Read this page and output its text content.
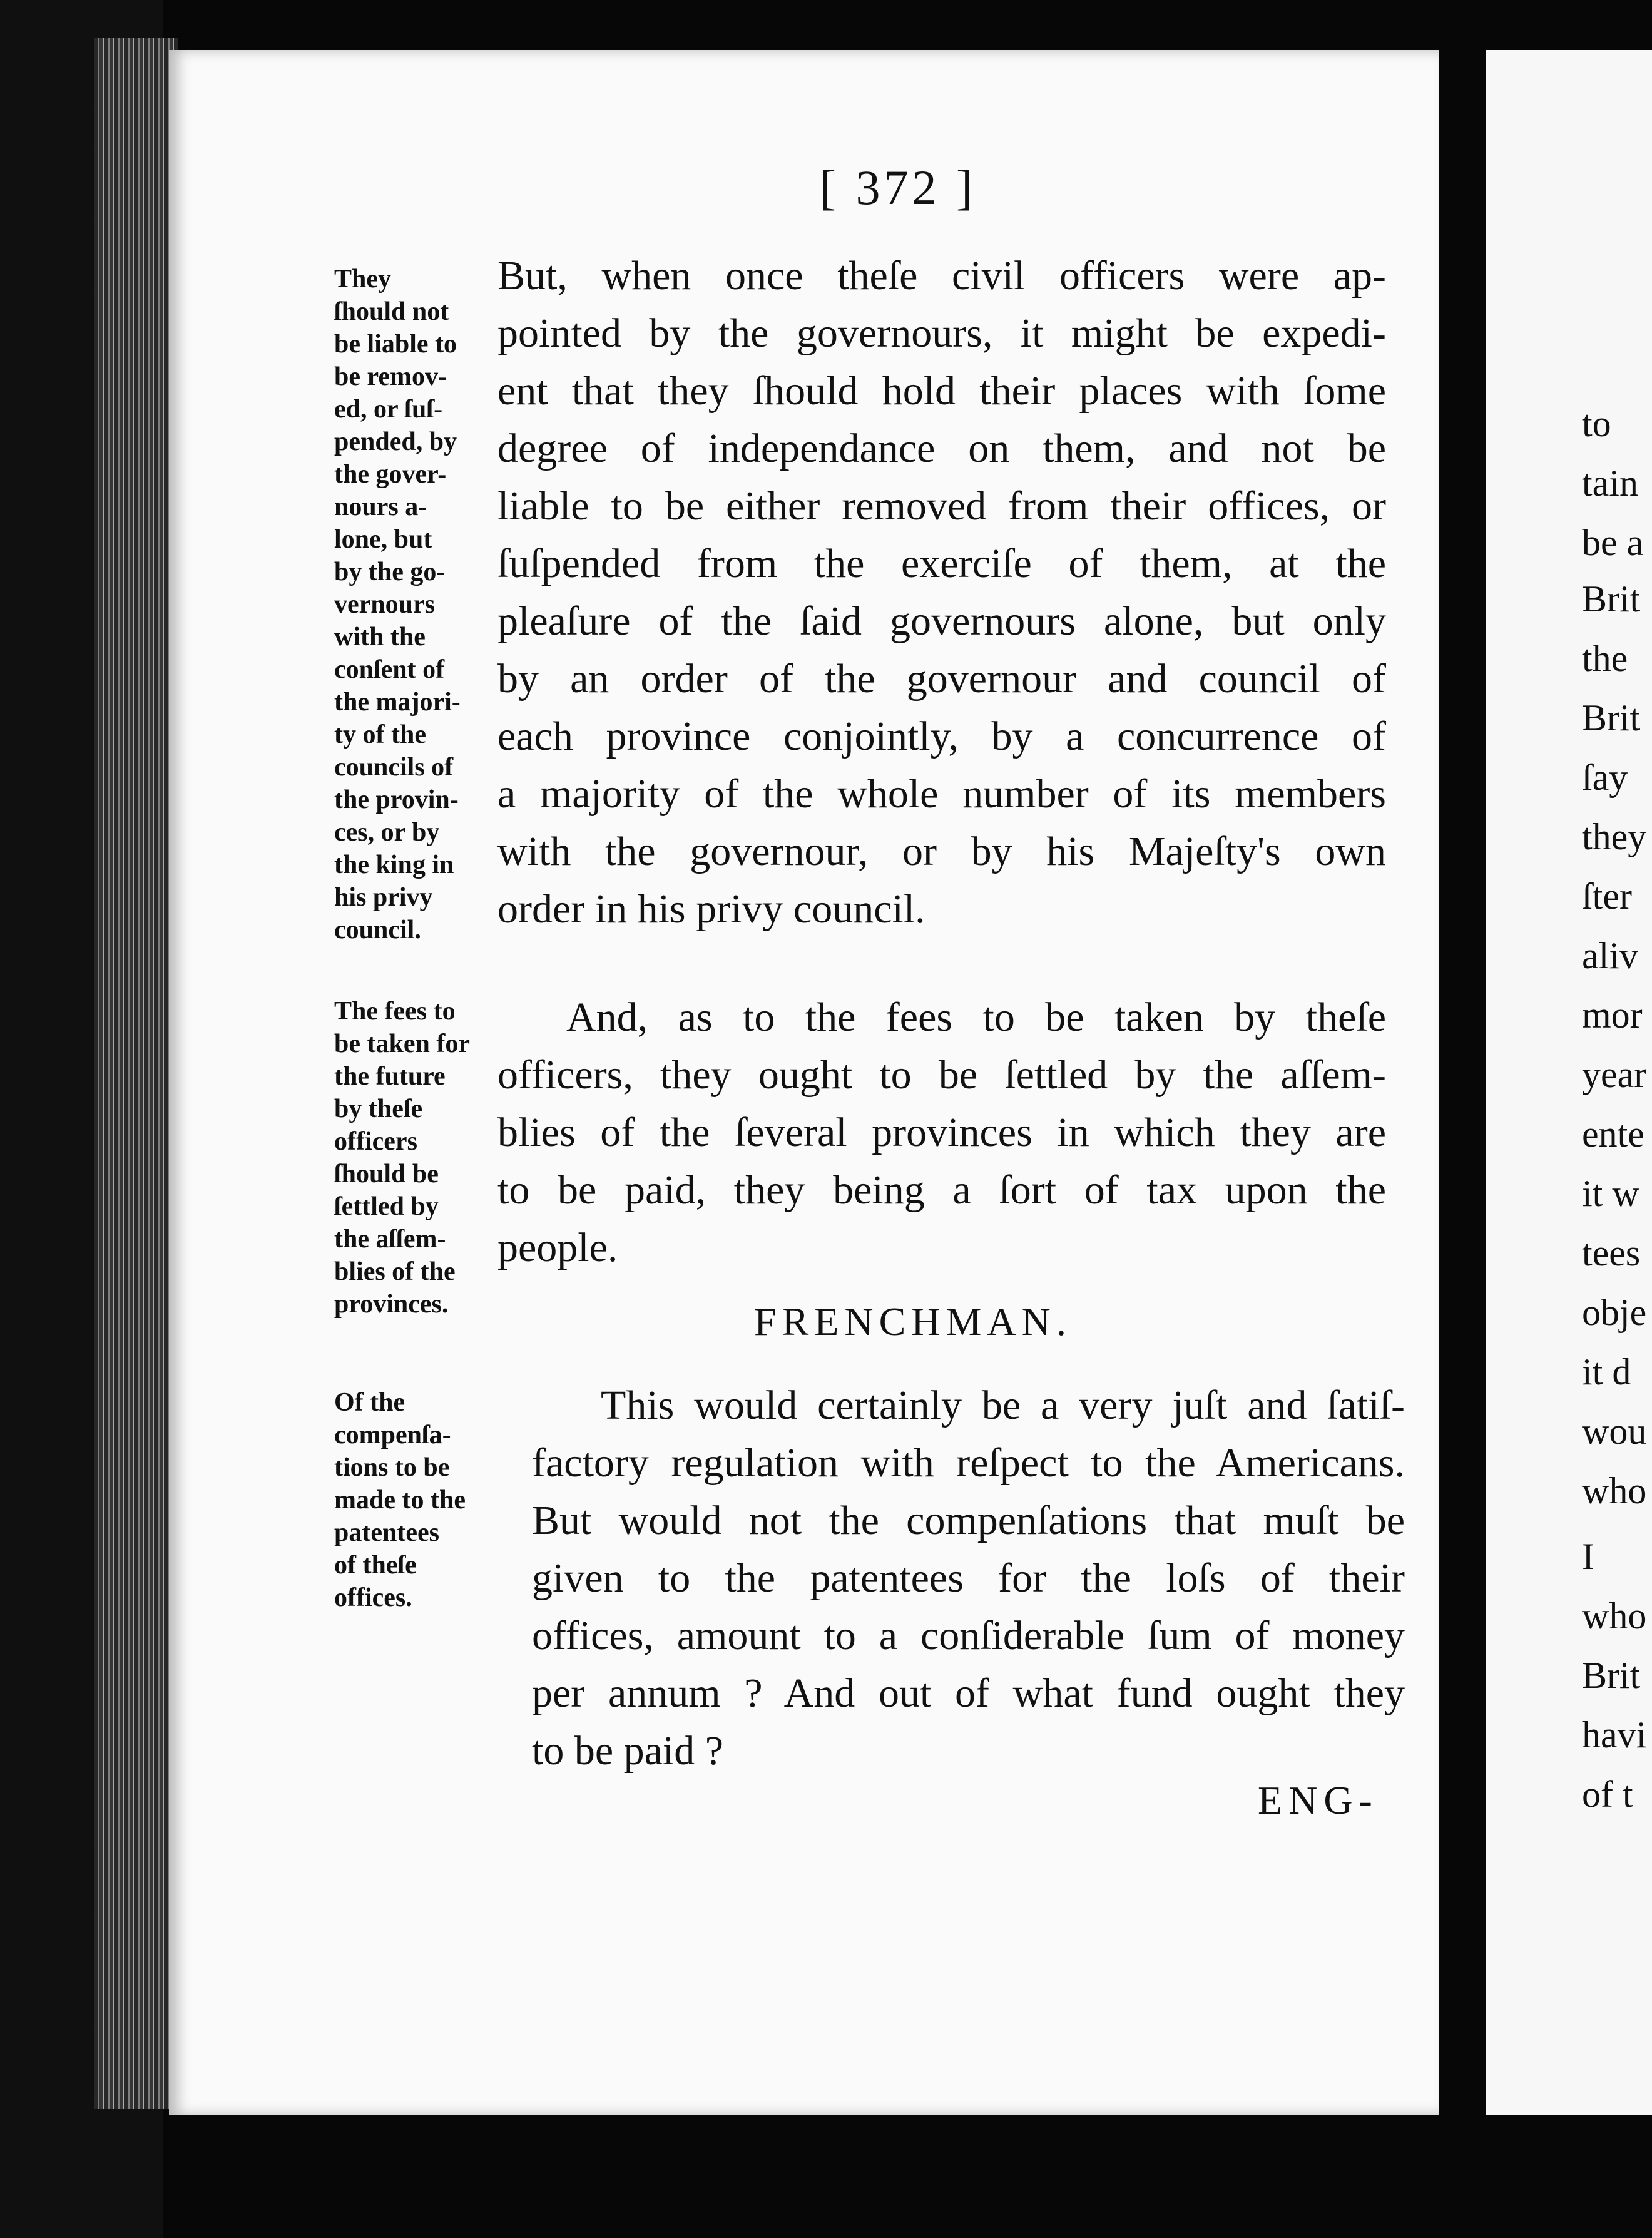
[ 372 ]
They
ſhould not
be liable to
be remov-
ed, or ſuſ-
pended, by
the gover-
nours a-
lone, but
by the go-
vernours
with the
conſent of
the majori-
ty of the
councils of
the provin-
ces, or by
the king in
his privy
council.
The fees to
be taken for
the future
by theſe
officers
ſhould be
ſettled by
the aſſem-
blies of the
provinces.
Of the
compenſa-
tions to be
made to the
patentees
of theſe
offices.
But, when once theſe civil officers were ap-
pointed by the governours, it might be expedi-
ent that they ſhould hold their places with ſome
degree of independance on them, and not be
liable to be either removed from their offices, or
ſuſpended from the exerciſe of them, at the
pleaſure of the ſaid governours alone, but only
by an order of the governour and council of
each province conjointly, by a concurrence of
a majority of the whole number of its members
with the governour, or by his Majeſty's own
order in his privy council.
And, as to the fees to be taken by theſe
officers, they ought to be ſettled by the aſſem-
blies of the ſeveral provinces in which they are
to be paid, they being a ſort of tax upon the
people.
FRENCHMAN.
This would certainly be a very juſt and ſatiſ-
factory regulation with reſpect to the Americans.
But would not the compenſations that muſt be
given to the patentees for the loſs of their
offices, amount to a conſiderable ſum of money
per annum ? And out of what fund ought they
to be paid ?
ENG-
to
tain
be a
Brit
the
Brit
ſay
they
ſter
aliv
mor
year
ente
it w
tees
obje
it d
wou
who
I
who
Brit
havi
of t
